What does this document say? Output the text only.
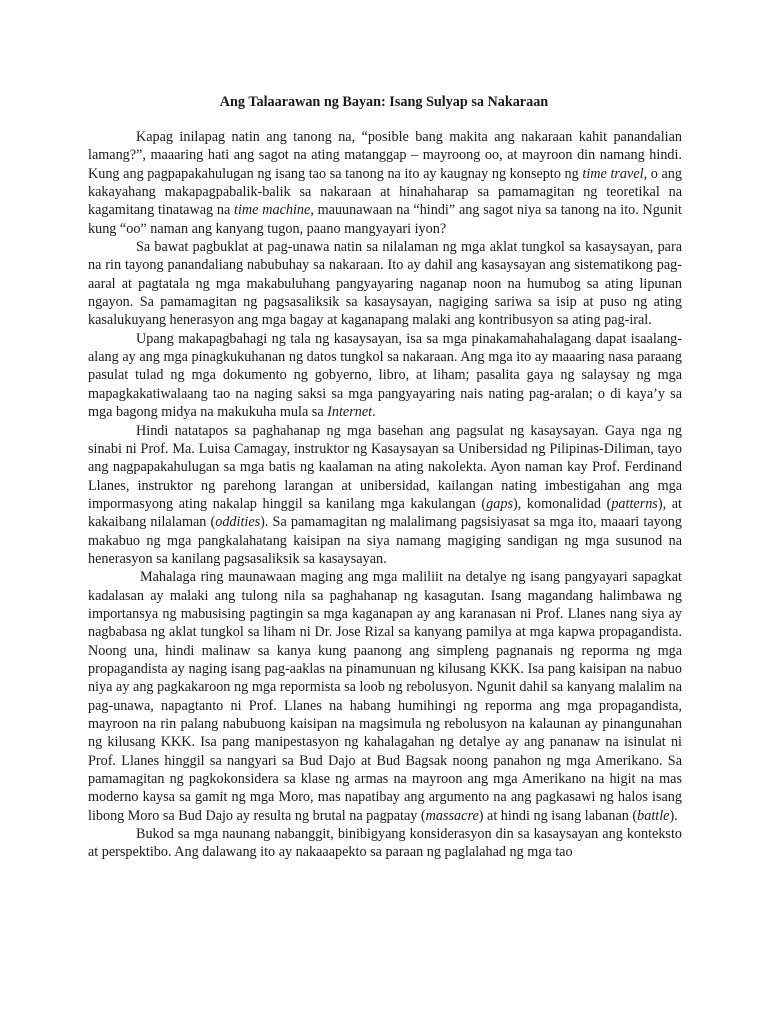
Ang Talaarawan ng Bayan: Isang Sulyap sa Nakaraan

Kapag inilapag natin ang tanong na, “posible bang makita ang nakaraan kahit panandalian lamang?”, maaaring hati ang sagot na ating matanggap – mayroong oo, at mayroon din namang hindi. Kung ang pagpapakahulugan ng isang tao sa tanong na ito ay kaugnay ng konsepto ng time travel, o ang kakayahang makapagpabalik-balik sa nakaraan at hinahaharap sa pamamagitan ng teoretikal na kagamitang tinatawag na time machine, mauunawaan na “hindi” ang sagot niya sa tanong na ito. Ngunit kung “oo” naman ang kanyang tugon, paano mangyayari iyon?

Sa bawat pagbuklat at pag-unawa natin sa nilalaman ng mga aklat tungkol sa kasaysayan, para na rin tayong panandaliang nabubuhay sa nakaraan. Ito ay dahil ang kasaysayan ang sistematikong pag-aaral at pagtatala ng mga makabuluhang pangyayaring naganap noon na humubog sa ating lipunan ngayon. Sa pamamagitan ng pagsasaliksik sa kasaysayan, nagiging sariwa sa isip at puso ng ating kasalukuyang henerasyon ang mga bagay at kaganapang malaki ang kontribusyon sa ating pag-iral.

Upang makapagbahagi ng tala ng kasaysayan, isa sa mga pinakamahahalagang dapat isaalang-alang ay ang mga pinagkukuhanan ng datos tungkol sa nakaraan. Ang mga ito ay maaaring nasa paraang pasulat tulad ng mga dokumento ng gobyerno, libro, at liham; pasalita gaya ng salaysay ng mga mapagkakatiwalaang tao na naging saksi sa mga pangyayaring nais nating pag-aralan; o di kaya’y sa mga bagong midya na makukuha mula sa Internet.

Hindi natatapos sa paghahanap ng mga basehan ang pagsulat ng kasaysayan. Gaya nga ng sinabi ni Prof. Ma. Luisa Camagay, instruktor ng Kasaysayan sa Unibersidad ng Pilipinas-Diliman, tayo ang nagpapakahulugan sa mga batis ng kaalaman na ating nakolekta. Ayon naman kay Prof. Ferdinand Llanes, instruktor ng parehong larangan at unibersidad, kailangan nating imbestigahan ang mga impormasyong ating nakalap hinggil sa kanilang mga kakulangan (gaps), komonalidad (patterns), at kakaibang nilalaman (oddities). Sa pamamagitan ng malalimang pagsisiyasat sa mga ito, maaari tayong makabuo ng mga pangkalahatang kaisipan na siya namang magiging sandigan ng mga susunod na henerasyon sa kanilang pagsasaliksik sa kasaysayan.

Mahalaga ring maunawaan maging ang mga maliliit na detalye ng isang pangyayari sapagkat kadalasan ay malaki ang tulong nila sa paghahanap ng kasagutan. Isang magandang halimbawa ng importansya ng mabusising pagtingin sa mga kaganapan ay ang karanasan ni Prof. Llanes nang siya ay nagbabasa ng aklat tungkol sa liham ni Dr. Jose Rizal sa kanyang pamilya at mga kapwa propagandista. Noong una, hindi malinaw sa kanya kung paanong ang simpleng pagnanais ng reporma ng mga propagandista ay naging isang pag-aaklas na pinamunuan ng kilusang KKK. Isa pang kaisipan na nabuo niya ay ang pagkakaroon ng mga repormista sa loob ng rebolusyon. Ngunit dahil sa kanyang malalim na pag-unawa, napagtanto ni Prof. Llanes na habang humihingi ng reporma ang mga propagandista, mayroon na rin palang nabubuong kaisipan na magsimula ng rebolusyon na kalaunan ay pinangunahan ng kilusang KKK. Isa pang manipestasyon ng kahalagahan ng detalye ay ang pananaw na isinulat ni Prof. Llanes hinggil sa nangyari sa Bud Dajo at Bud Bagsak noong panahon ng mga Amerikano. Sa pamamagitan ng pagkokonsidera sa klase ng armas na mayroon ang mga Amerikano na higit na mas moderno kaysa sa gamit ng mga Moro, mas napatibay ang argumento na ang pagkasawi ng halos isang libong Moro sa Bud Dajo ay resulta ng brutal na pagpatay (massacre) at hindi ng isang labanan (battle).

Bukod sa mga naunang nabanggit, binibigyang konsiderasyon din sa kasaysayan ang konteksto at perspektibo. Ang dalawang ito ay nakaaapekto sa paraan ng paglalahad ng mga tao
